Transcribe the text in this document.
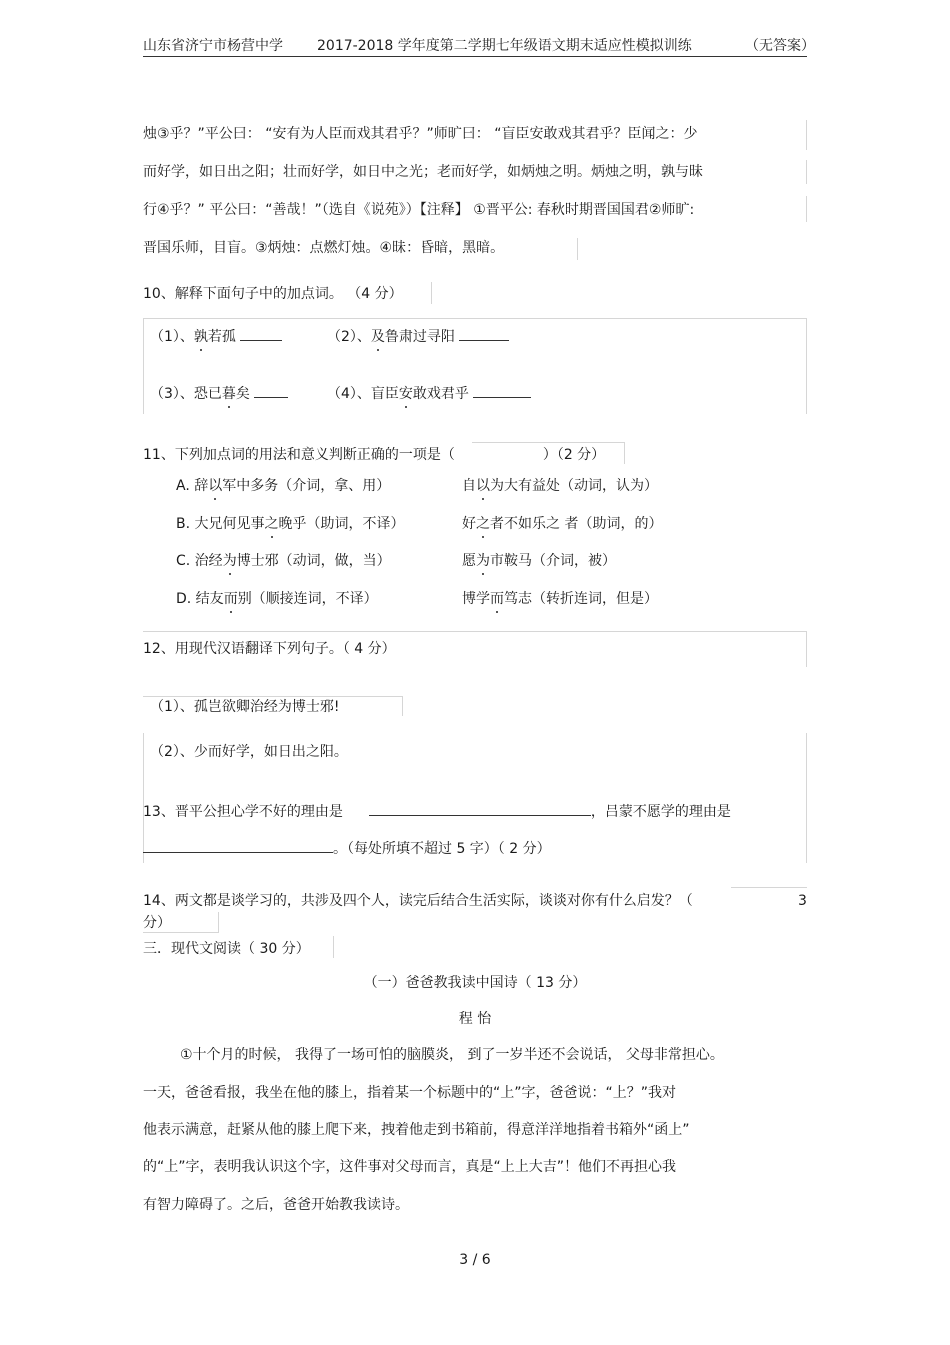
山东省济宁市杨营中学 2017-2018 学年度第二学期七年级语文期末适应性模拟训练	（无答案）
烛③乎？”平公曰： “安有为人臣而戏其君乎？”师旷曰： “盲臣安敢戏其君乎？臣闻之：少
而好学，如日出之阳；壮而好学，如日中之光；老而好学，如炳烛之明。炳烛之明，孰与昧
行④乎？” 平公曰：“善哉！”（选自《说苑》）【注释】 ①晋平公: 春秋时期晋国国君②师旷:
晋国乐师，目盲。③炳烛：点燃灯烛。④昧：昏暗，黑暗。
10、解释下面句子中的加点词。 （4 分）
（1）、孰若孤	（2）、及鲁肃过寻阳
（3）、恐已暮矣	（4）、盲臣安敢戏君乎
11、下列加点词的用法和意义判断正确的一项是（	）（2 分）
A. 辞以军中多务（介词，拿、用）	自以为大有益处（动词，认为）
B. 大兄何见事之晚乎（助词，不译）	好之者不如乐之 者（助词，的）
C. 治经为博士邪（动词，做，当）	愿为市鞍马（介词，被）
D. 结友而别（顺接连词，不译）	博学而笃志（转折连词，但是）
12、用现代汉语翻译下列句子。（ 4 分）
（1）、孤岂欲卿治经为博士邪!
（2）、少而好学，如日出之阳。
13、晋平公担心学不好的理由是	，吕蒙不愿学的理由是
。（每处所填不超过 5 字）（ 2 分）
14、两文都是谈学习的，共涉及四个人，读完后结合生活实际，谈谈对你有什么启发？（	3
分）
三．现代文阅读（ 30 分）
（一）爸爸教我读中国诗（ 13 分）
程 怡
①十个月的时候， 我得了一场可怕的脑膜炎， 到了一岁半还不会说话， 父母非常担心。
一天，爸爸看报，我坐在他的膝上，指着某一个标题中的“上”字，爸爸说：“上？”我对
他表示满意，赶紧从他的膝上爬下来，拽着他走到书箱前，得意洋洋地指着书箱外“函上”
的“上”字，表明我认识这个字，这件事对父母而言，真是“上上大吉”！他们不再担心我
有智力障碍了。之后，爸爸开始教我读诗。
3 / 6
